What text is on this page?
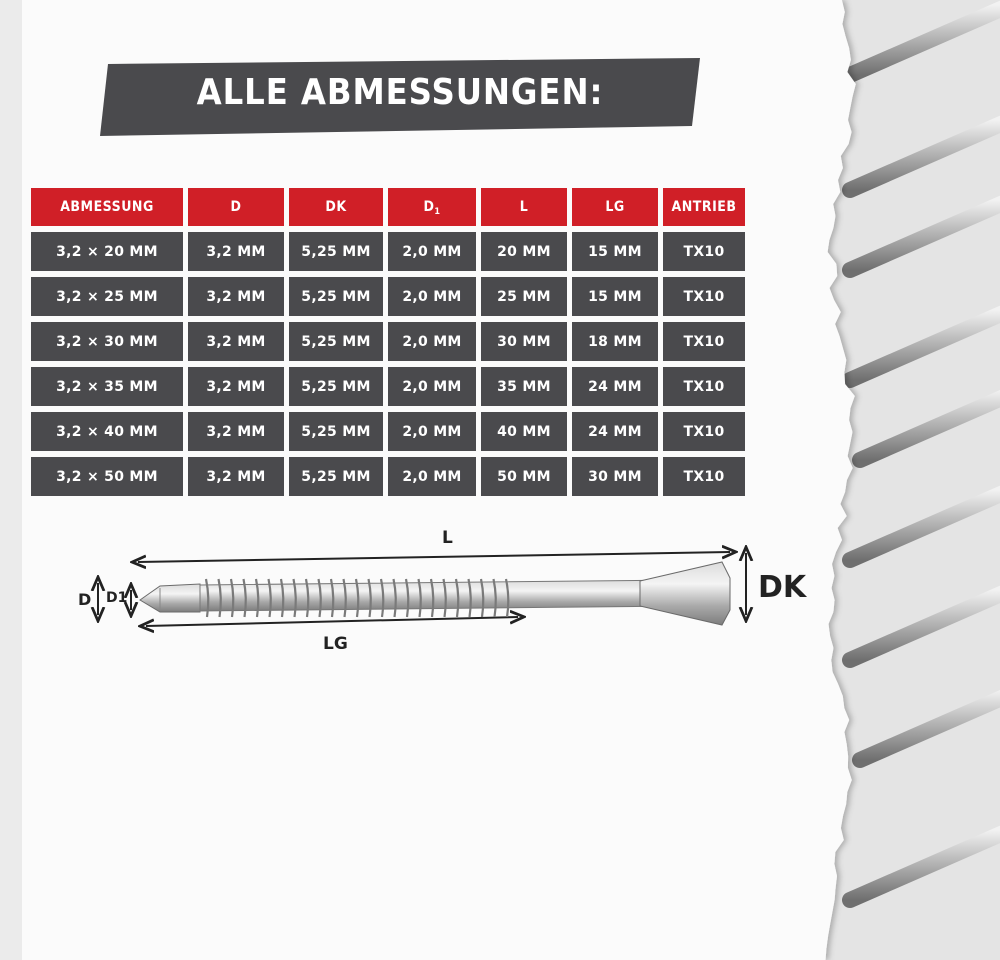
ALLE ABMESSUNGEN:
ABMESSUNG	D	DK	$D_1$	L	LG	ANTRIEB
3,2 × 20 MM	3,2 MM	5,25 MM	2,0 MM	20 MM	15 MM	TX10
3,2 × 25 MM	3,2 MM	5,25 MM	2,0 MM	25 MM	15 MM	TX10
3,2 × 30 MM	3,2 MM	5,25 MM	2,0 MM	30 MM	18 MM	TX10
3,2 × 35 MM	3,2 MM	5,25 MM	2,0 MM	35 MM	24 MM	TX10
3,2 × 40 MM	3,2 MM	5,25 MM	2,0 MM	40 MM	24 MM	TX10
3,2 × 50 MM	3,2 MM	5,25 MM	2,0 MM	50 MM	30 MM	TX10
L
LG
DK
D D1
